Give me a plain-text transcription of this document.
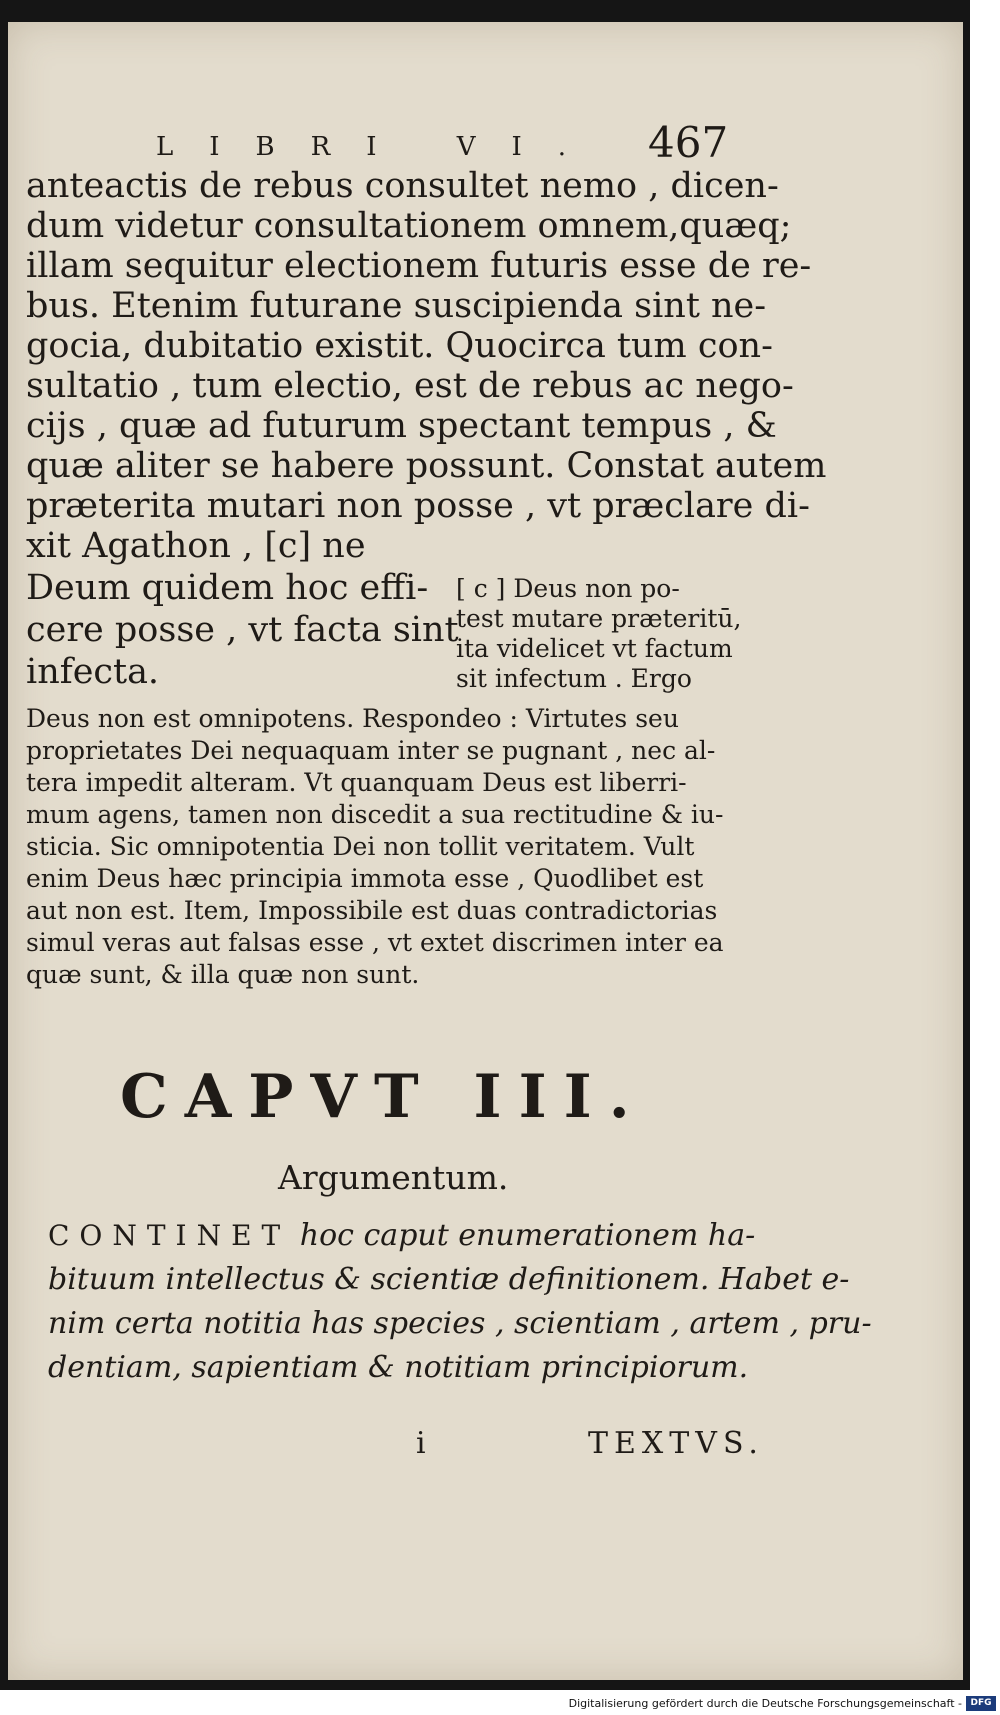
LIBRI VI. 467
anteactis de rebus consultet nemo , dicen-
dum videtur consultationem omnem,quæq;
illam sequitur electionem futuris esse de re-
bus. Etenim futurane suscipienda sint ne-
gocia, dubitatio existit. Quocirca tum con-
sultatio , tum electio, est de rebus ac nego-
cijs , quæ ad futurum spectant tempus , &
quæ aliter se habere possunt. Constat autem
præterita mutari non posse , vt præclare di-
xit Agathon , [c] ne
Deum quidem hoc effi-
cere posse , vt facta sint
infecta.
[ c ] Deus non po-
test mutare præteritū,
ita videlicet vt factum
sit infectum . Ergo
Deus non est omnipotens. Respondeo : Virtutes seu
proprietates Dei nequaquam inter se pugnant , nec al-
tera impedit alteram. Vt quanquam Deus est liberri-
mum agens, tamen non discedit a sua rectitudine & iu-
sticia. Sic omnipotentia Dei non tollit veritatem. Vult
enim Deus hæc principia immota esse , Quodlibet est
aut non est. Item, Impossibile est duas contradictorias
simul veras aut falsas esse , vt extet discrimen inter ea
quæ sunt, & illa quæ non sunt.
CAPVT III.
Argumentum.
CONTINET hoc caput enumerationem ha-
bituum intellectus & scientiæ definitionem. Habet e-
nim certa notitia has species , scientiam , artem , pru-
dentiam, sapientiam & notitiam principiorum.
i	TEXTVS.
Digitalisierung gefördert durch die Deutsche Forschungsgemeinschaft - DFG
